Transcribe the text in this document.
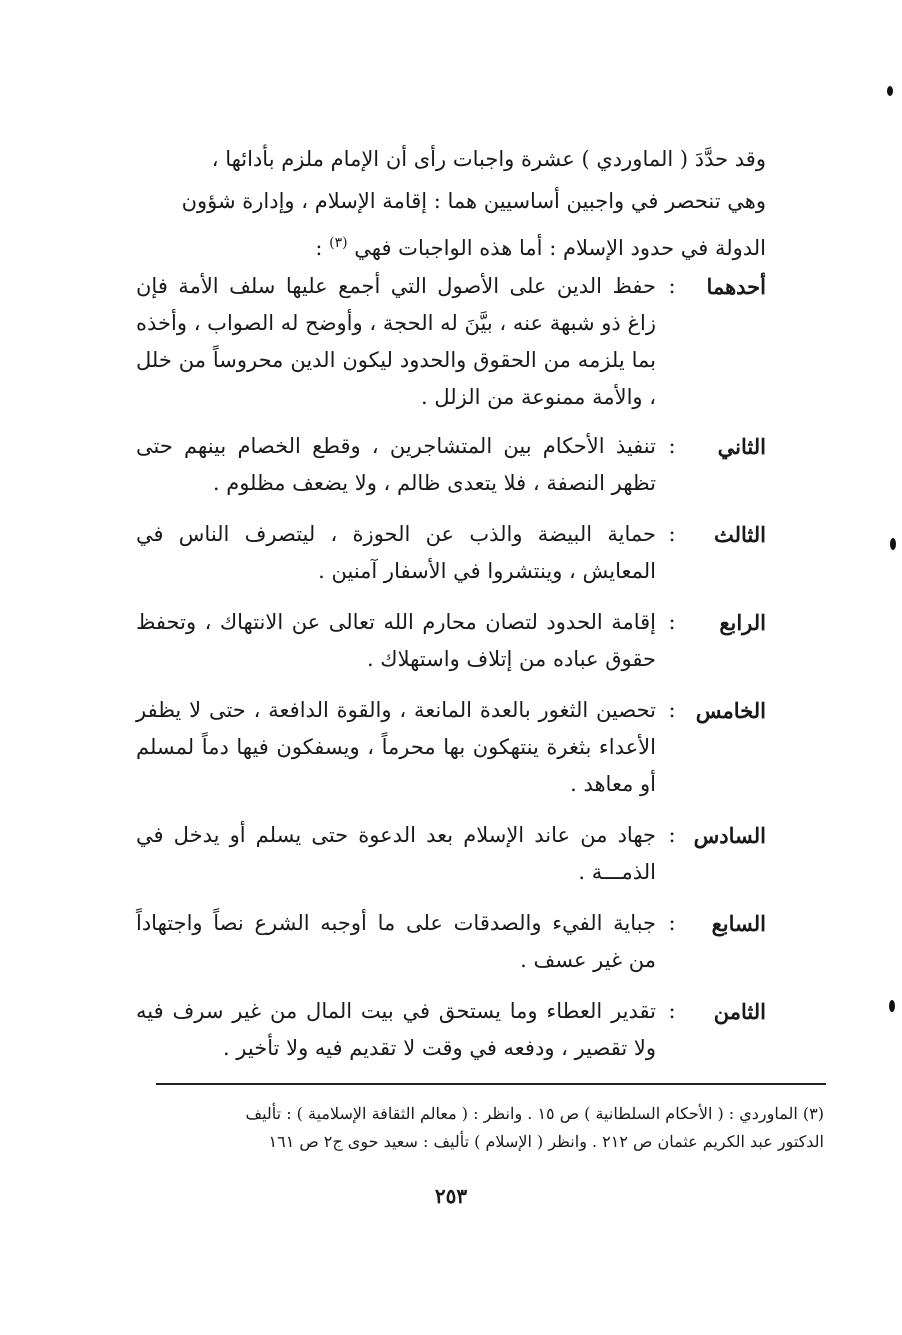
وقد حدَّدَ ( الماوردي ) عشرة واجبات رأى أن الإمام ملزم بأدائها ،
وهي تنحصر في واجبين أساسيين هما : إقامة الإسلام ، وإدارة شؤون
الدولة في حدود الإسلام : أما هذه الواجبات فهي $^{(٣)}$ :
أحدهما
:
حفظ الدين على الأصول التي أجمع عليها سلف الأمة فإن زاغ ذو شبهة عنه ، بيَّنَ له الحجة ، وأوضح له الصواب ، وأخذه بما يلزمه من الحقوق والحدود ليكون الدين محروساً من خلل ، والأمة ممنوعة من الزلل .
الثاني
:
تنفيذ الأحكام بين المتشاجرين ، وقطع الخصام بينهم حتى تظهر النصفة ، فلا يتعدى ظالم ، ولا يضعف مظلوم .
الثالث
:
حماية البيضة والذب عن الحوزة ، ليتصرف الناس في المعايش ، وينتشروا في الأسفار آمنين .
الرابع
:
إقامة الحدود لتصان محارم الله تعالى عن الانتهاك ، وتحفظ حقوق عباده من إتلاف واستهلاك .
الخامس
:
تحصين الثغور بالعدة المانعة ، والقوة الدافعة ، حتى لا يظفر الأعداء بثغرة ينتهكون بها محرماً ، ويسفكون فيها دماً لمسلم أو معاهد .
السادس
:
جهاد من عاند الإسلام بعد الدعوة حتى يسلم أو يدخل في الذمـــة .
السابع
:
جباية الفيء والصدقات على ما أوجبه الشرع نصاً واجتهاداً من غير عسف .
الثامن
:
تقدير العطاء وما يستحق في بيت المال من غير سرف فيه ولا تقصير ، ودفعه في وقت لا تقديم فيه ولا تأخير .
(٣) الماوردي : ( الأحكام السلطانية ) ص ١٥ . وانظر : ( معالم الثقافة الإسلامية ) : تأليف
الدكتور عبد الكريم عثمان ص ٢١٢ . وانظر ( الإسلام ) تأليف : سعيد حوى ج٢ ص ١٦١
٢٥٣
